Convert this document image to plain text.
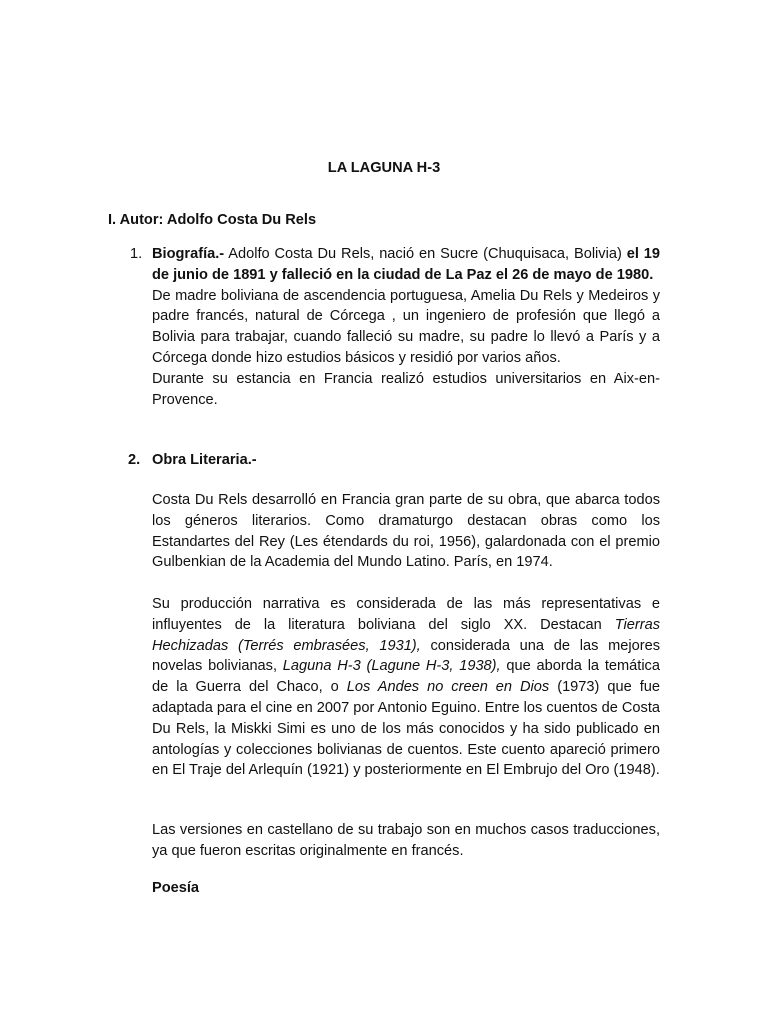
LA LAGUNA H-3
I. Autor: Adolfo Costa Du Rels
1. Biografía.- Adolfo Costa Du Rels, nació en Sucre (Chuquisaca, Bolivia) el 19 de junio de 1891 y falleció en la ciudad de La Paz el 26 de mayo de 1980.

De madre boliviana de ascendencia portuguesa, Amelia Du Rels y Medeiros y padre francés, natural de Córcega , un ingeniero de profesión que llegó a Bolivia para trabajar, cuando falleció su madre, su padre lo llevó a París y a Córcega donde hizo estudios básicos y residió por varios años.

Durante su estancia en Francia realizó estudios universitarios en Aix-en-Provence.

2. Obra Literaria.-

Costa Du Rels desarrolló en Francia gran parte de su obra, que abarca todos los géneros literarios. Como dramaturgo destacan obras como los Estandartes del Rey (Les étendards du roi, 1956), galardonada con el premio Gulbenkian de la Academia del Mundo Latino. París, en 1974.

Su producción narrativa es considerada de las más representativas e influyentes de la literatura boliviana del siglo XX. Destacan Tierras Hechizadas (Terrés embrasées, 1931), considerada una de las mejores novelas bolivianas, Laguna H-3 (Lagune H-3, 1938), que aborda la temática de la Guerra del Chaco, o Los Andes no creen en Dios (1973) que fue adaptada para el cine en 2007 por Antonio Eguino. Entre los cuentos de Costa Du Rels, la Miskki Simi es uno de los más conocidos y ha sido publicado en antologías y colecciones bolivianas de cuentos. Este cuento apareció primero en El Traje del Arlequín (1921) y posteriormente en El Embrujo del Oro (1948).

Las versiones en castellano de su trabajo son en muchos casos traducciones, ya que fueron escritas originalmente en francés.

Poesía
